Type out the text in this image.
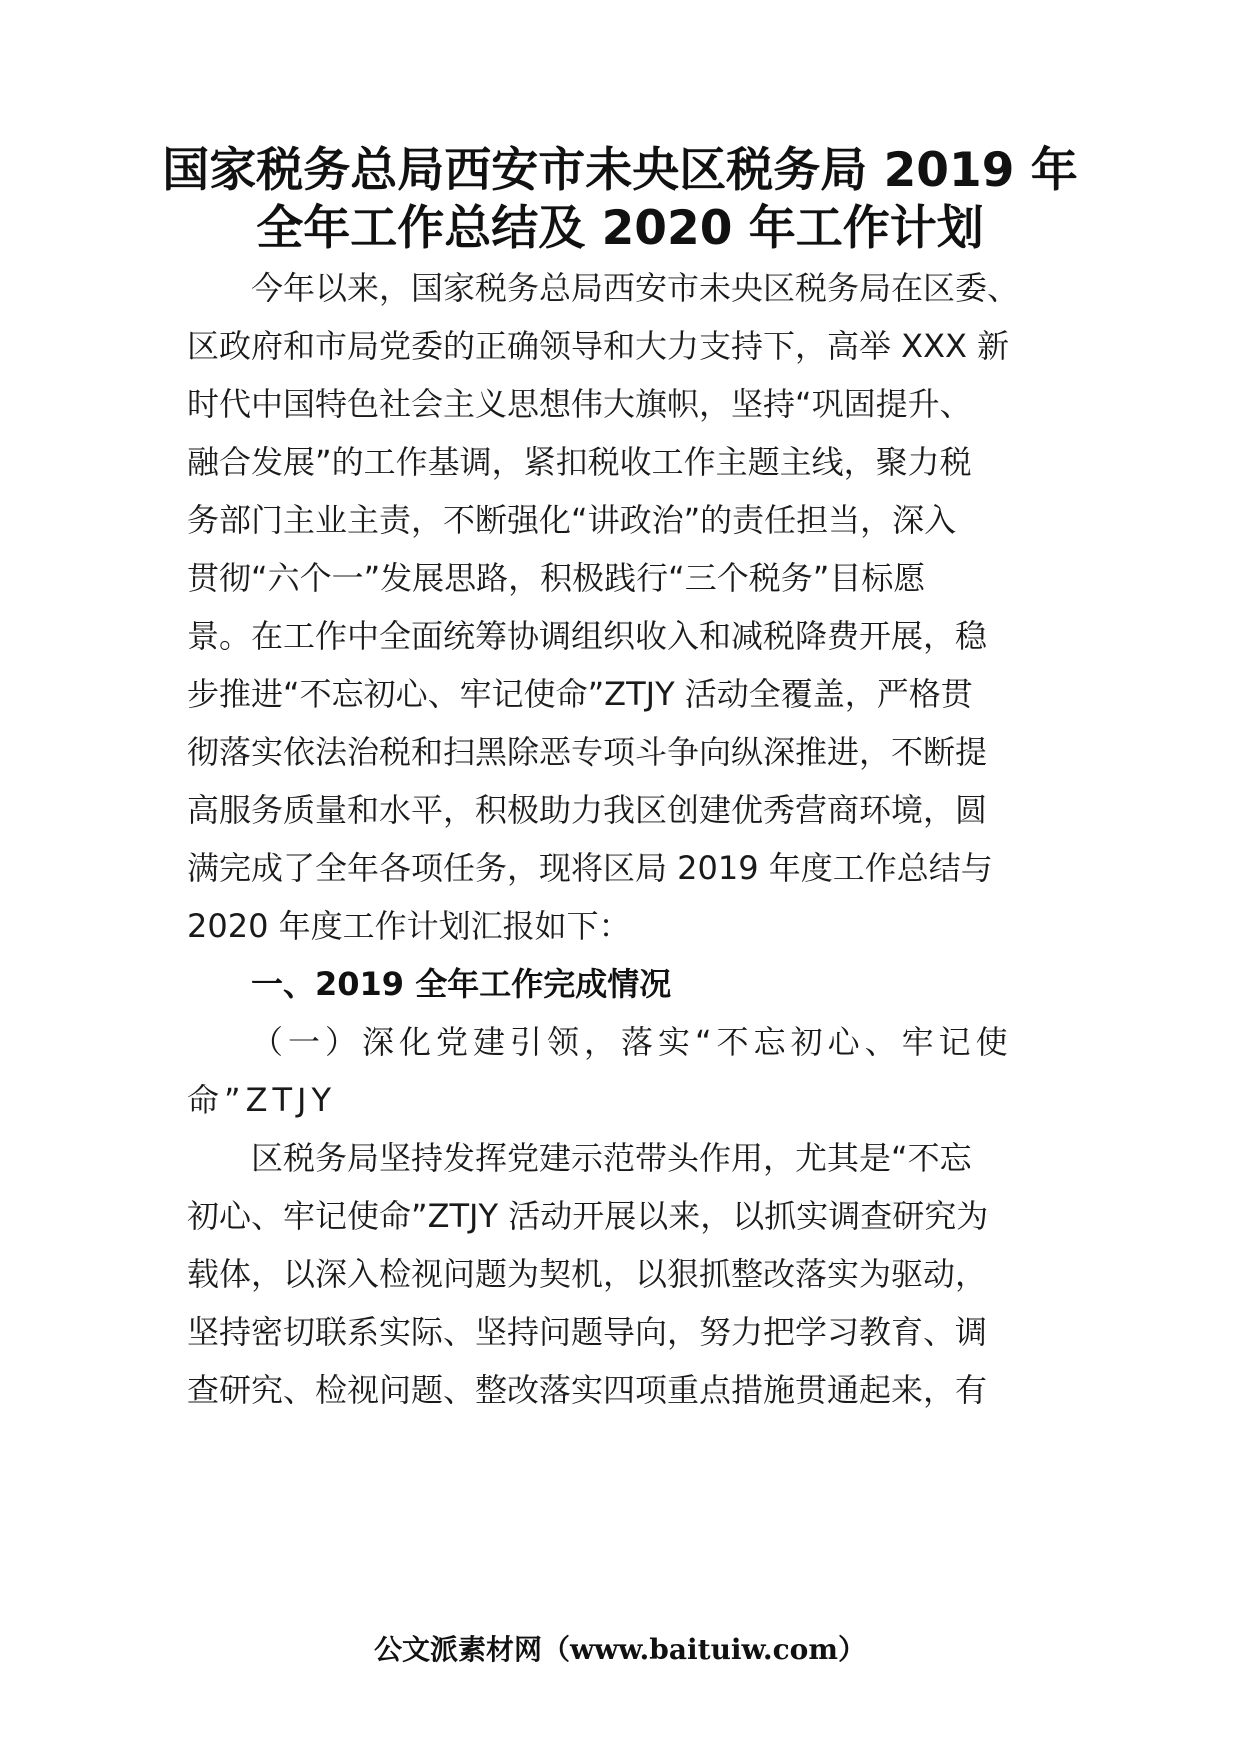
国家税务总局西安市未央区税务局 2019 年
全年工作总结及 2020 年工作计划
今年以来，国家税务总局西安市未央区税务局在区委、
区政府和市局党委的正确领导和大力支持下，高举 XXX 新
时代中国特色社会主义思想伟大旗帜，坚持“巩固提升、
融合发展”的工作基调，紧扣税收工作主题主线，聚力税
务部门主业主责，不断强化“讲政治”的责任担当，深入
贯彻“六个一”发展思路，积极践行“三个税务”目标愿
景。在工作中全面统筹协调组织收入和减税降费开展，稳
步推进“不忘初心、牢记使命”ZTJY 活动全覆盖，严格贯
彻落实依法治税和扫黑除恶专项斗争向纵深推进，不断提
高服务质量和水平，积极助力我区创建优秀营商环境，圆
满完成了全年各项任务，现将区局 2019 年度工作总结与
2020 年度工作计划汇报如下：
一、2019 全年工作完成情况
（一）深化党建引领，落实“不忘初心、牢记使
命”ZTJY
区税务局坚持发挥党建示范带头作用，尤其是“不忘
初心、牢记使命”ZTJY 活动开展以来，以抓实调查研究为
载体，以深入检视问题为契机，以狠抓整改落实为驱动，
坚持密切联系实际、坚持问题导向，努力把学习教育、调
查研究、检视问题、整改落实四项重点措施贯通起来，有
公文派素材网（www.baituiw.com）
